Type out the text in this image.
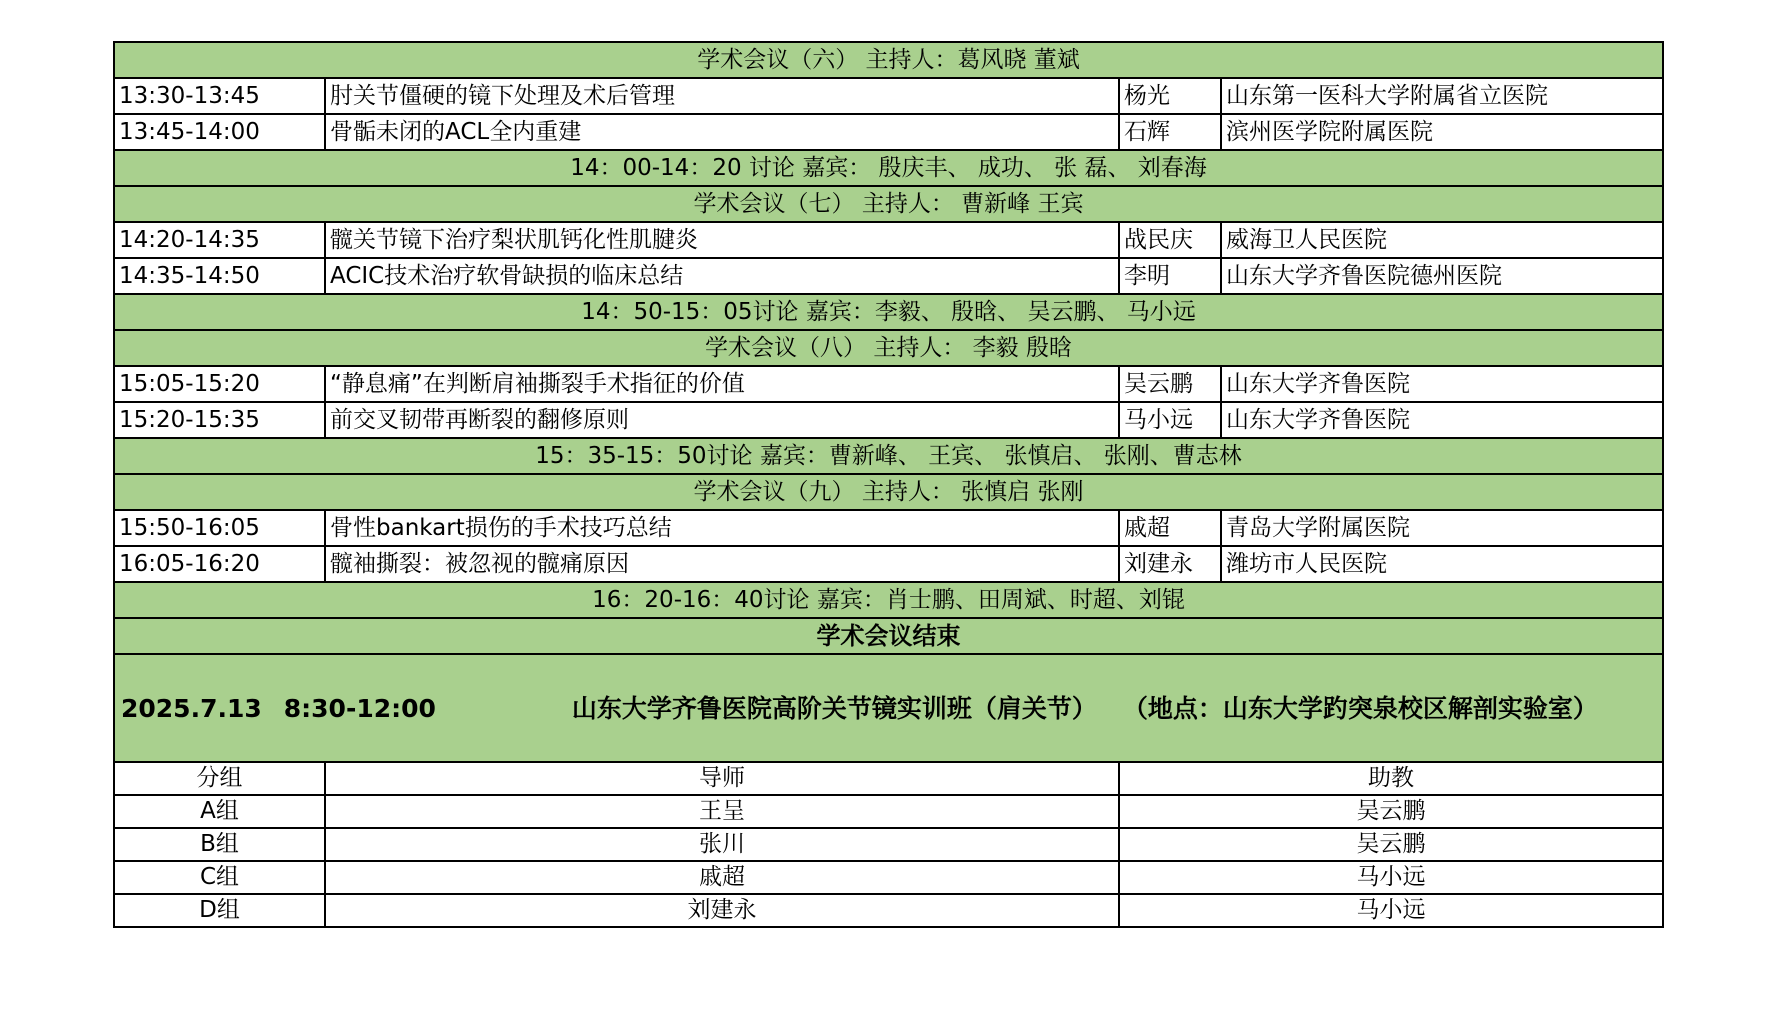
学术会议（六） 主持人：葛风晓 董斌			
13:30-13:45	肘关节僵硬的镜下处理及术后管理	杨光	山东第一医科大学附属省立医院
13:45-14:00	骨骺未闭的ACL全内重建	石辉	滨州医学院附属医院
14：00-14：20 讨论 嘉宾： 殷庆丰、 成功、 张 磊、 刘春海			
学术会议（七） 主持人： 曹新峰 王宾			
14:20-14:35	髋关节镜下治疗梨状肌钙化性肌腱炎	战民庆	威海卫人民医院
14:35-14:50	ACIC技术治疗软骨缺损的临床总结	李明	山东大学齐鲁医院德州医院
14：50-15：05讨论 嘉宾：李毅、 殷晗、 吴云鹏、 马小远			
学术会议（八） 主持人： 李毅 殷晗			
15:05-15:20	“静息痛”在判断肩袖撕裂手术指征的价值	吴云鹏	山东大学齐鲁医院
15:20-15:35	前交叉韧带再断裂的翻修原则	马小远	山东大学齐鲁医院
15：35-15：50讨论 嘉宾：曹新峰、 王宾、 张慎启、 张刚、曹志林			
学术会议（九） 主持人： 张慎启 张刚			
15:50-16:05	骨性bankart损伤的手术技巧总结	戚超	青岛大学附属医院
16:05-16:20	髋袖撕裂：被忽视的髋痛原因	刘建永	潍坊市人民医院
16：20-16：40讨论 嘉宾：肖士鹏、田周斌、时超、刘锟			
学术会议结束			
2025.7.13 8:30-12:00 山东大学齐鲁医院高阶关节镜实训班（肩关节） （地点：山东大学趵突泉校区解剖实验室）			
分组	导师	助教	
A组	王呈	吴云鹏	
B组	张川	吴云鹏	
C组	戚超	马小远	
D组	刘建永	马小远	
